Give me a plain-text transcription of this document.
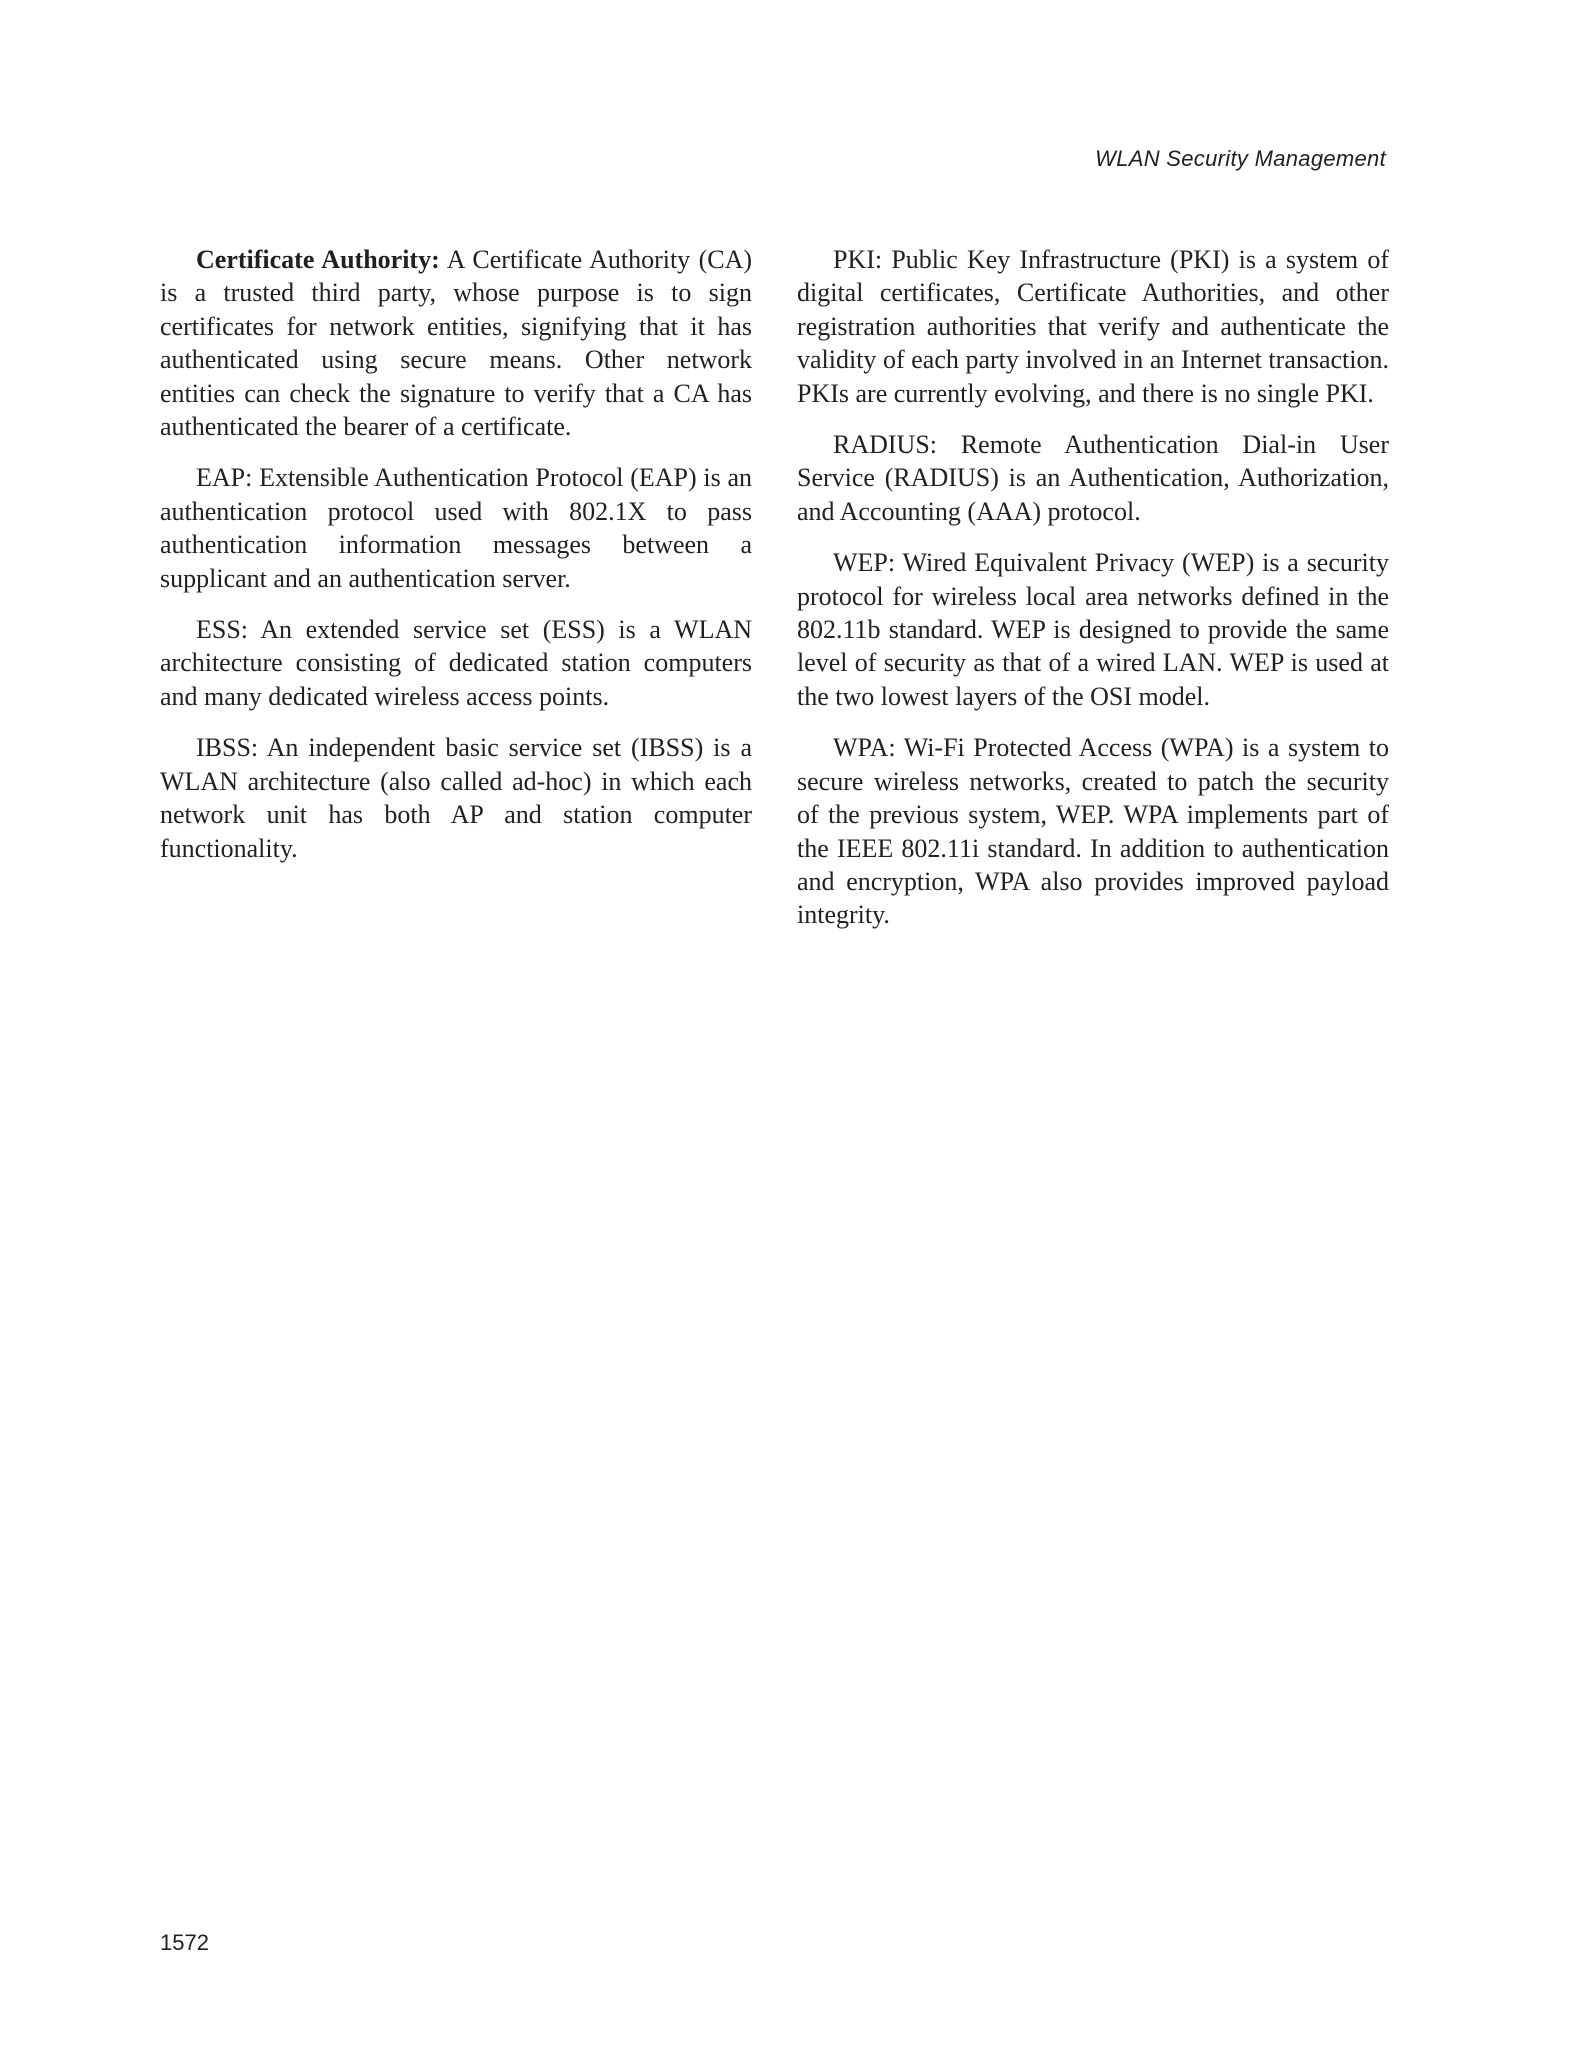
WLAN Security Management

Certificate Authority: A Certificate Authority (CA) is a trusted third party, whose purpose is to sign certificates for network entities, signifying that it has authenticated using secure means. Other network entities can check the signature to verify that a CA has authenticated the bearer of a certificate.

EAP: Extensible Authentication Protocol (EAP) is an authentication protocol used with 802.1X to pass authentication information messages between a supplicant and an authentication server.

ESS: An extended service set (ESS) is a WLAN architecture consisting of dedicated station computers and many dedicated wireless access points.

IBSS: An independent basic service set (IBSS) is a WLAN architecture (also called ad-hoc) in which each network unit has both AP and station computer functionality.

PKI: Public Key Infrastructure (PKI) is a system of digital certificates, Certificate Authorities, and other registration authorities that verify and authenticate the validity of each party involved in an Internet transaction. PKIs are currently evolving, and there is no single PKI.

RADIUS: Remote Authentication Dial-in User Service (RADIUS) is an Authentication, Authorization, and Accounting (AAA) protocol.

WEP: Wired Equivalent Privacy (WEP) is a security protocol for wireless local area networks defined in the 802.11b standard. WEP is designed to provide the same level of security as that of a wired LAN. WEP is used at the two lowest layers of the OSI model.

WPA: Wi-Fi Protected Access (WPA) is a system to secure wireless networks, created to patch the security of the previous system, WEP. WPA implements part of the IEEE 802.11i standard. In addition to authentication and encryption, WPA also provides improved payload integrity.

1572
